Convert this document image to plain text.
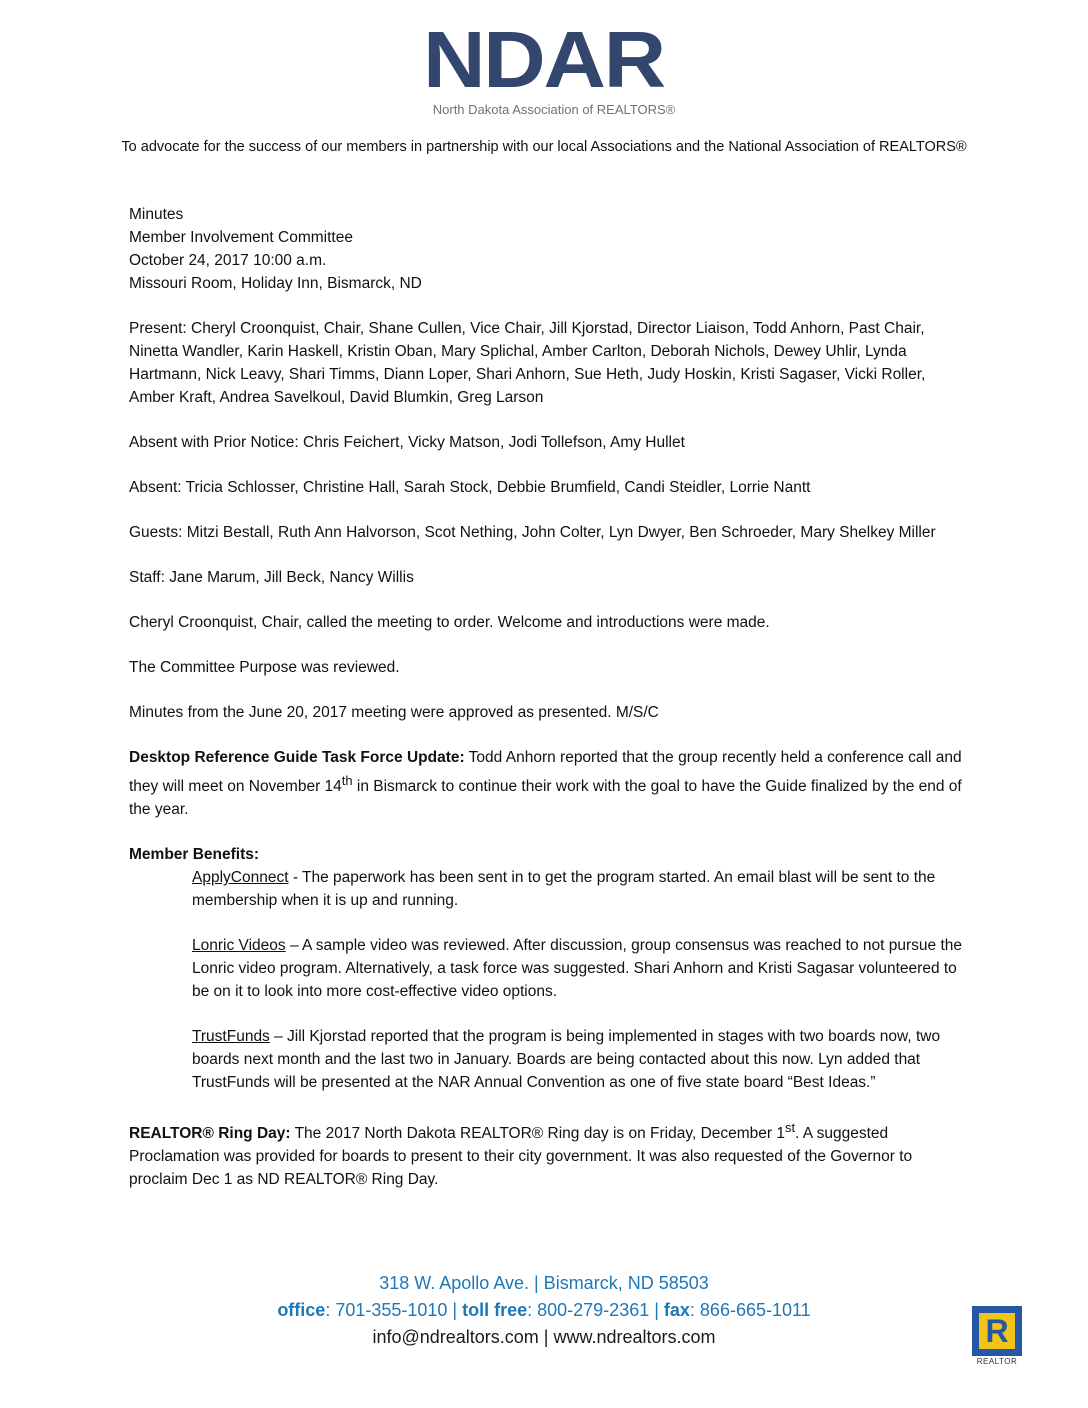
NDAR
North Dakota Association of REALTORS®
To advocate for the success of our members in partnership with our local Associations and the National Association of REALTORS®
Minutes
Member Involvement Committee
October 24, 2017 10:00 a.m.
Missouri Room, Holiday Inn, Bismarck, ND

Present: Cheryl Croonquist, Chair, Shane Cullen, Vice Chair, Jill Kjorstad, Director Liaison, Todd Anhorn, Past Chair, Ninetta Wandler, Karin Haskell, Kristin Oban, Mary Splichal, Amber Carlton, Deborah Nichols, Dewey Uhlir, Lynda Hartmann, Nick Leavy, Shari Timms, Diann Loper, Shari Anhorn, Sue Heth, Judy Hoskin, Kristi Sagaser, Vicki Roller, Amber Kraft, Andrea Savelkoul, David Blumkin, Greg Larson

Absent with Prior Notice: Chris Feichert, Vicky Matson, Jodi Tollefson, Amy Hullet

Absent: Tricia Schlosser, Christine Hall, Sarah Stock, Debbie Brumfield, Candi Steidler, Lorrie Nantt

Guests: Mitzi Bestall, Ruth Ann Halvorson, Scot Nething, John Colter, Lyn Dwyer, Ben Schroeder, Mary Shelkey Miller

Staff: Jane Marum, Jill Beck, Nancy Willis

Cheryl Croonquist, Chair, called the meeting to order. Welcome and introductions were made.

The Committee Purpose was reviewed.

Minutes from the June 20, 2017 meeting were approved as presented. M/S/C

Desktop Reference Guide Task Force Update: Todd Anhorn reported that the group recently held a conference call and they will meet on November 14th in Bismarck to continue their work with the goal to have the Guide finalized by the end of the year.

Member Benefits:

ApplyConnect - The paperwork has been sent in to get the program started. An email blast will be sent to the membership when it is up and running.

Lonric Videos – A sample video was reviewed. After discussion, group consensus was reached to not pursue the Lonric video program. Alternatively, a task force was suggested. Shari Anhorn and Kristi Sagasar volunteered to be on it to look into more cost-effective video options.

TrustFunds – Jill Kjorstad reported that the program is being implemented in stages with two boards now, two boards next month and the last two in January. Boards are being contacted about this now. Lyn added that TrustFunds will be presented at the NAR Annual Convention as one of five state board “Best Ideas.”

REALTOR® Ring Day: The 2017 North Dakota REALTOR® Ring day is on Friday, December 1st. A suggested Proclamation was provided for boards to present to their city government. It was also requested of the Governor to proclaim Dec 1 as ND REALTOR® Ring Day.

318 W. Apollo Ave. | Bismarck, ND 58503
office: 701-355-1010 | toll free: 800-279-2361 | fax: 866-665-1011
info@ndrealtors.com | www.ndrealtors.com	R
REALTOR
